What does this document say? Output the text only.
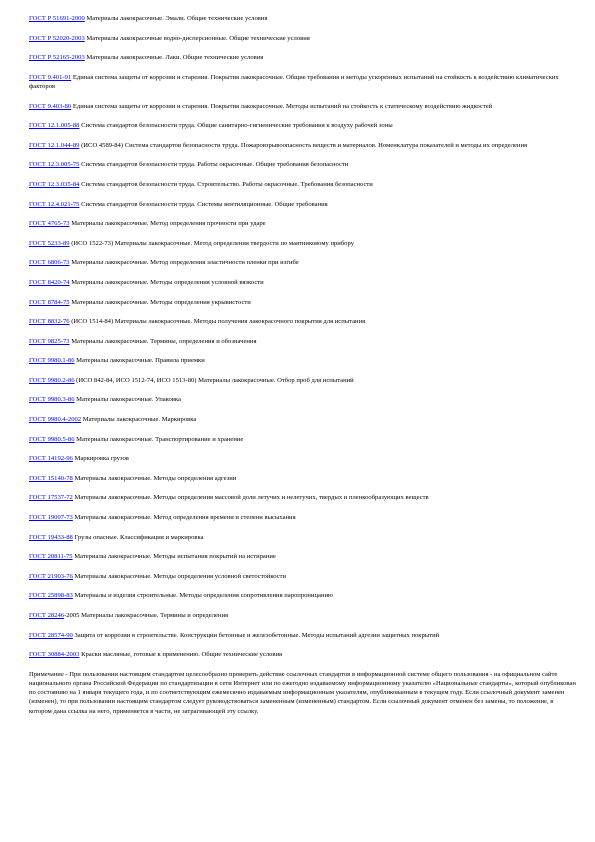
ГОСТ Р 51691-2000 Материалы лакокрасочные. Эмали. Общие технические условия

ГОСТ Р 52020-2003 Материалы лакокрасочные водно-дисперсионные. Общие технические условия

ГОСТ Р 52165-2003 Материалы лакокрасочные. Лаки. Общие технические условия

ГОСТ 9.401-91 Единая система защиты от коррозии и старения. Покрытия лакокрасочные. Общие требования и методы ускоренных испытаний на стойкость к воздействию климатических факторов

ГОСТ 9.403-80 Единая система защиты от коррозии и старения. Покрытия лакокрасочные. Методы испытаний на стойкость к статическому воздействию жидкостей

ГОСТ 12.1.005-88 Система стандартов безопасности труда. Общие санитарно-гигиенические требования к воздуху рабочей зоны

ГОСТ 12.1.044-89 (ИСО 4589-84) Система стандартов безопасности труда. Пожаровзрывоопасность веществ и материалов. Номенклатура показателей и методы их определения

ГОСТ 12.3.005-75 Система стандартов безопасности труда. Работы окрасочные. Общие требования безопасности

ГОСТ 12.3.035-84 Система стандартов безопасности труда. Строительство. Работы окрасочные. Требования безопасности

ГОСТ 12.4.021-75 Система стандартов безопасности труда. Системы вентиляционные. Общие требования

ГОСТ 4765-73 Материалы лакокрасочные. Метод определения прочности при ударе

ГОСТ 5233-89 (ИСО 1522-73) Материалы лакокрасочные. Метод определения твердости по маятниковому прибору

ГОСТ 6806-73 Материалы лакокрасочные. Метод определения эластичности пленки при изгибе

ГОСТ 8420-74 Материалы лакокрасочные. Методы определения условной вязкости

ГОСТ 8784-75 Материалы лакокрасочные. Методы определения укрывистости

ГОСТ 8832-76 (ИСО 1514-84) Материалы лакокрасочные. Методы получения лакокрасочного покрытия для испытания

ГОСТ 9825-73 Материалы лакокрасочные. Термины, определения и обозначения

ГОСТ 9980.1-86 Материалы лакокрасочные. Правила приемки

ГОСТ 9980.2-86 (ИСО 842-84, ИСО 1512-74, ИСО 1513-80) Материалы лакокрасочные. Отбор проб для испытаний

ГОСТ 9980.3-86 Материалы лакокрасочные. Упаковка

ГОСТ 9980.4-2002 Материалы лакокрасочные. Маркировка

ГОСТ 9980.5-86 Материалы лакокрасочные. Транспортирование и хранение

ГОСТ 14192-96 Маркировка грузов

ГОСТ 15140-78 Материалы лакокрасочные. Методы определения адгезии

ГОСТ 17537-72 Материалы лакокрасочные. Методы определения массовой доли летучих и нелетучих, твердых и пленкообразующих веществ

ГОСТ 19007-73 Материалы лакокрасочные. Метод определения времени и степени высыхания

ГОСТ 19433-88 Грузы опасные. Классификация и маркировка

ГОСТ 20811-75 Материалы лакокрасочные. Методы испытания покрытий на истирание

ГОСТ 21903-76 Материалы лакокрасочные. Методы определения условной светостойкости

ГОСТ 25898-83 Материалы и изделия строительные. Методы определения сопротивления паропроницанию

ГОСТ 28246-2005 Материалы лакокрасочные. Термины и определения

ГОСТ 28574-90 Защита от коррозии в строительстве. Конструкции бетонные и железобетонные. Методы испытаний адгезии защитных покрытий

ГОСТ 30884-2003 Краски масляные, готовые к применению. Общие технические условия

Примечание - При пользовании настоящим стандартом целесообразно проверить действие ссылочных стандартов в информационной системе общего пользования - на официальном сайте национального органа Российской Федерации по стандартизации в сети Интернет или по ежегодно издаваемому информационному указателю «Национальные стандарты», который опубликован по состоянию на 1 января текущего года, и по соответствующим ежемесячно издаваемым информационным указателям, опубликованным в текущем году. Если ссылочный документ заменен (изменен), то при пользовании настоящим стандартом следует руководствоваться замененным (измененным) стандартом. Если ссылочный документ отменен без замены, то положение, в котором дана ссылка на него, применяется в части, не затрагивающей эту ссылку.
